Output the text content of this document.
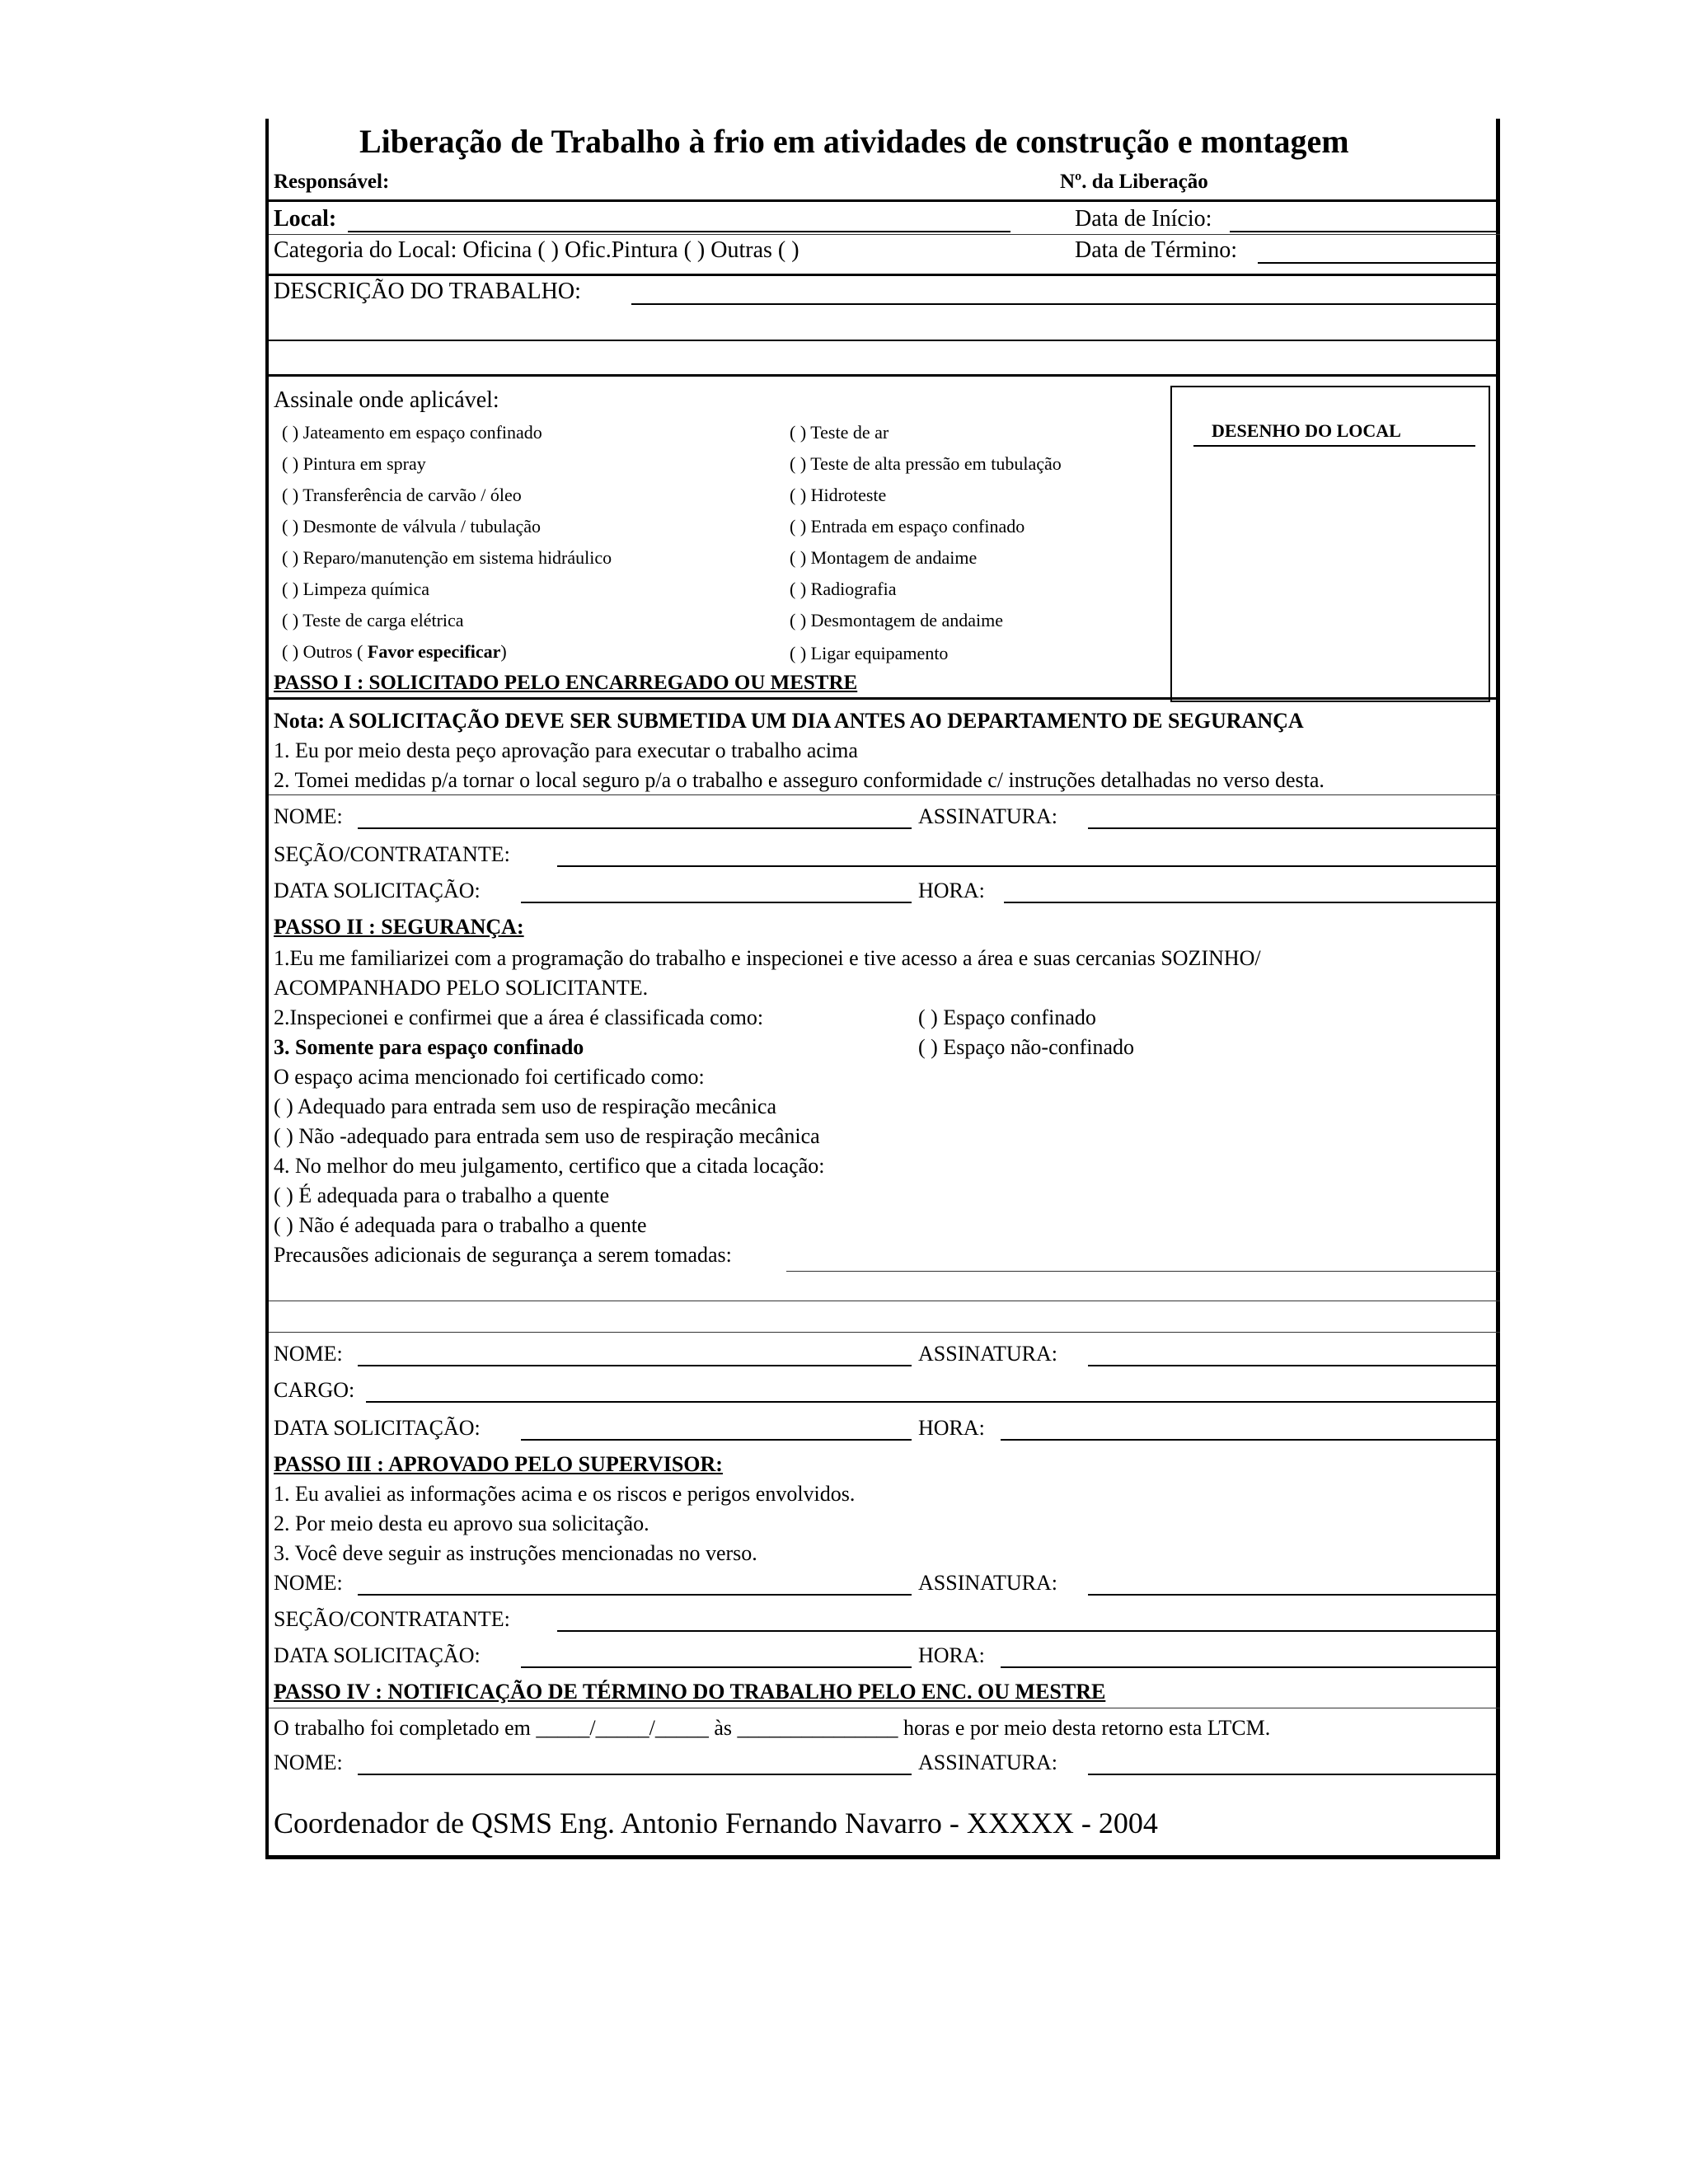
Liberação de Trabalho à frio em atividades de construção e montagem
Responsável:	Nº. da Liberação
Local:	Data de Início:
Categoria do Local: Oficina ( ) Ofic.Pintura ( ) Outras ( )	Data de Término:
DESCRIÇÃO DO TRABALHO:
Assinale onde aplicável:
( ) Jateamento em espaço confinado
( ) Pintura em spray
( ) Transferência de carvão / óleo
( ) Desmonte de válvula / tubulação
( ) Reparo/manutenção em sistema hidráulico
( ) Limpeza química
( ) Teste de carga elétrica
( ) Outros ( Favor especificar)
( ) Teste de ar
( ) Teste de alta pressão em tubulação
( ) Hidroteste
( ) Entrada em espaço confinado
( ) Montagem de andaime
( ) Radiografia
( ) Desmontagem de andaime
( ) Ligar equipamento
DESENHO DO LOCAL
PASSO I : SOLICITADO PELO ENCARREGADO OU MESTRE
Nota: A SOLICITAÇÃO DEVE SER SUBMETIDA UM DIA ANTES AO DEPARTAMENTO DE SEGURANÇA
1. Eu por meio desta peço aprovação para executar o trabalho acima
2. Tomei medidas p/a tornar o local seguro p/a o trabalho e asseguro conformidade c/ instruções detalhadas no verso desta.
NOME:	ASSINATURA:
SEÇÃO/CONTRATANTE:
DATA SOLICITAÇÃO:	HORA:
PASSO II : SEGURANÇA:
1.Eu me familiarizei com a programação do trabalho e inspecionei e tive acesso a área e suas cercanias SOZINHO/
ACOMPANHADO PELO SOLICITANTE.
2.Inspecionei e confirmei que a área é classificada como:	( ) Espaço confinado
3. Somente para espaço confinado	( ) Espaço não-confinado
O espaço acima mencionado foi certificado como:
( ) Adequado para entrada sem uso de respiração mecânica
( ) Não -adequado para entrada sem uso de respiração mecânica
4. No melhor do meu julgamento, certifico que a citada locação:
( ) É adequada para o trabalho a quente
( ) Não é adequada para o trabalho a quente
Precausões adicionais de segurança a serem tomadas:
NOME:	ASSINATURA:
CARGO:
DATA SOLICITAÇÃO:	HORA:
PASSO III : APROVADO PELO SUPERVISOR:
1. Eu avaliei as informações acima e os riscos e perigos envolvidos.
2. Por meio desta eu aprovo sua solicitação.
3. Você deve seguir as instruções mencionadas no verso.
NOME:	ASSINATURA:
SEÇÃO/CONTRATANTE:
DATA SOLICITAÇÃO:	HORA:
PASSO IV : NOTIFICAÇÃO DE TÉRMINO DO TRABALHO PELO ENC. OU MESTRE
O trabalho foi completado em _____/_____/_____ às _______________ horas e por meio desta retorno esta LTCM.
NOME:	ASSINATURA:
Coordenador de QSMS Eng. Antonio Fernando Navarro - XXXXX - 2004
